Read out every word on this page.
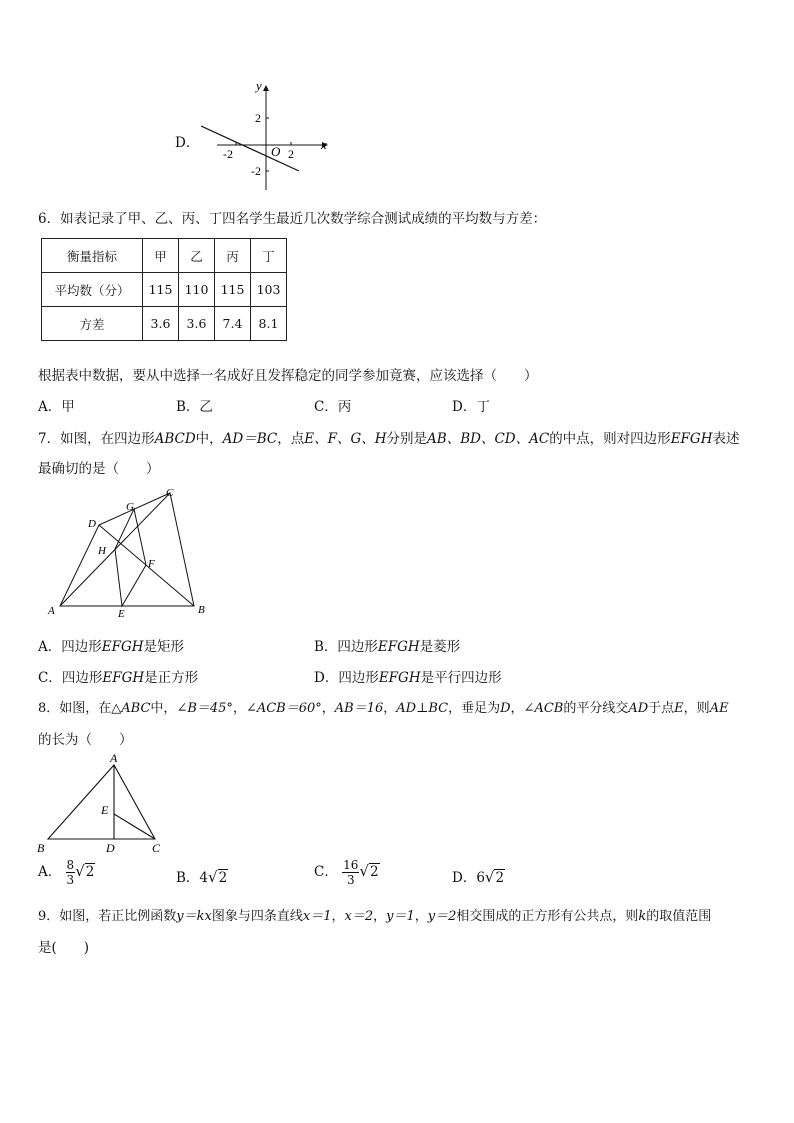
D．
y
x
O
-2	2
2
-2
6．如表记录了甲、乙、丙、丁四名学生最近几次数学综合测试成绩的平均数与方差：
衡量指标	甲	乙	丙	丁
平均数（分）	115	110	115	103
方差	3.6	3.6	7.4	8.1
根据表中数据，要从中选择一名成好且发挥稳定的同学参加竟赛，应该选择（　　）
A．甲	B．乙	C．丙	D．丁
7．如图，在四边形ABCD中，AD＝BC，点E、F、G、H分别是AB、BD、CD、AC的中点，则对四边形EFGH表述
最确切的是（　　）
A	B
C
D
E
F
G
H
A．四边形EFGH是矩形	B．四边形EFGH是菱形
C．四边形EFGH是正方形	D．四边形EFGH是平行四边形
8．如图，在△ABC中，∠B＝45°，∠ACB＝60°，AB＝16，AD⊥BC，垂足为D，∠ACB的平分线交AD于点E，则AE
的长为（　　）
A
B	C
D
E
A． $\frac{8}{3} √2$	B．4√2	C． $\frac{16}{3} √2$	D．6√2
9．如图，若正比例函数y＝kx图象与四条直线x＝1，x＝2，y＝1，y＝2相交围成的正方形有公共点，则k的取值范围
是(　　)
